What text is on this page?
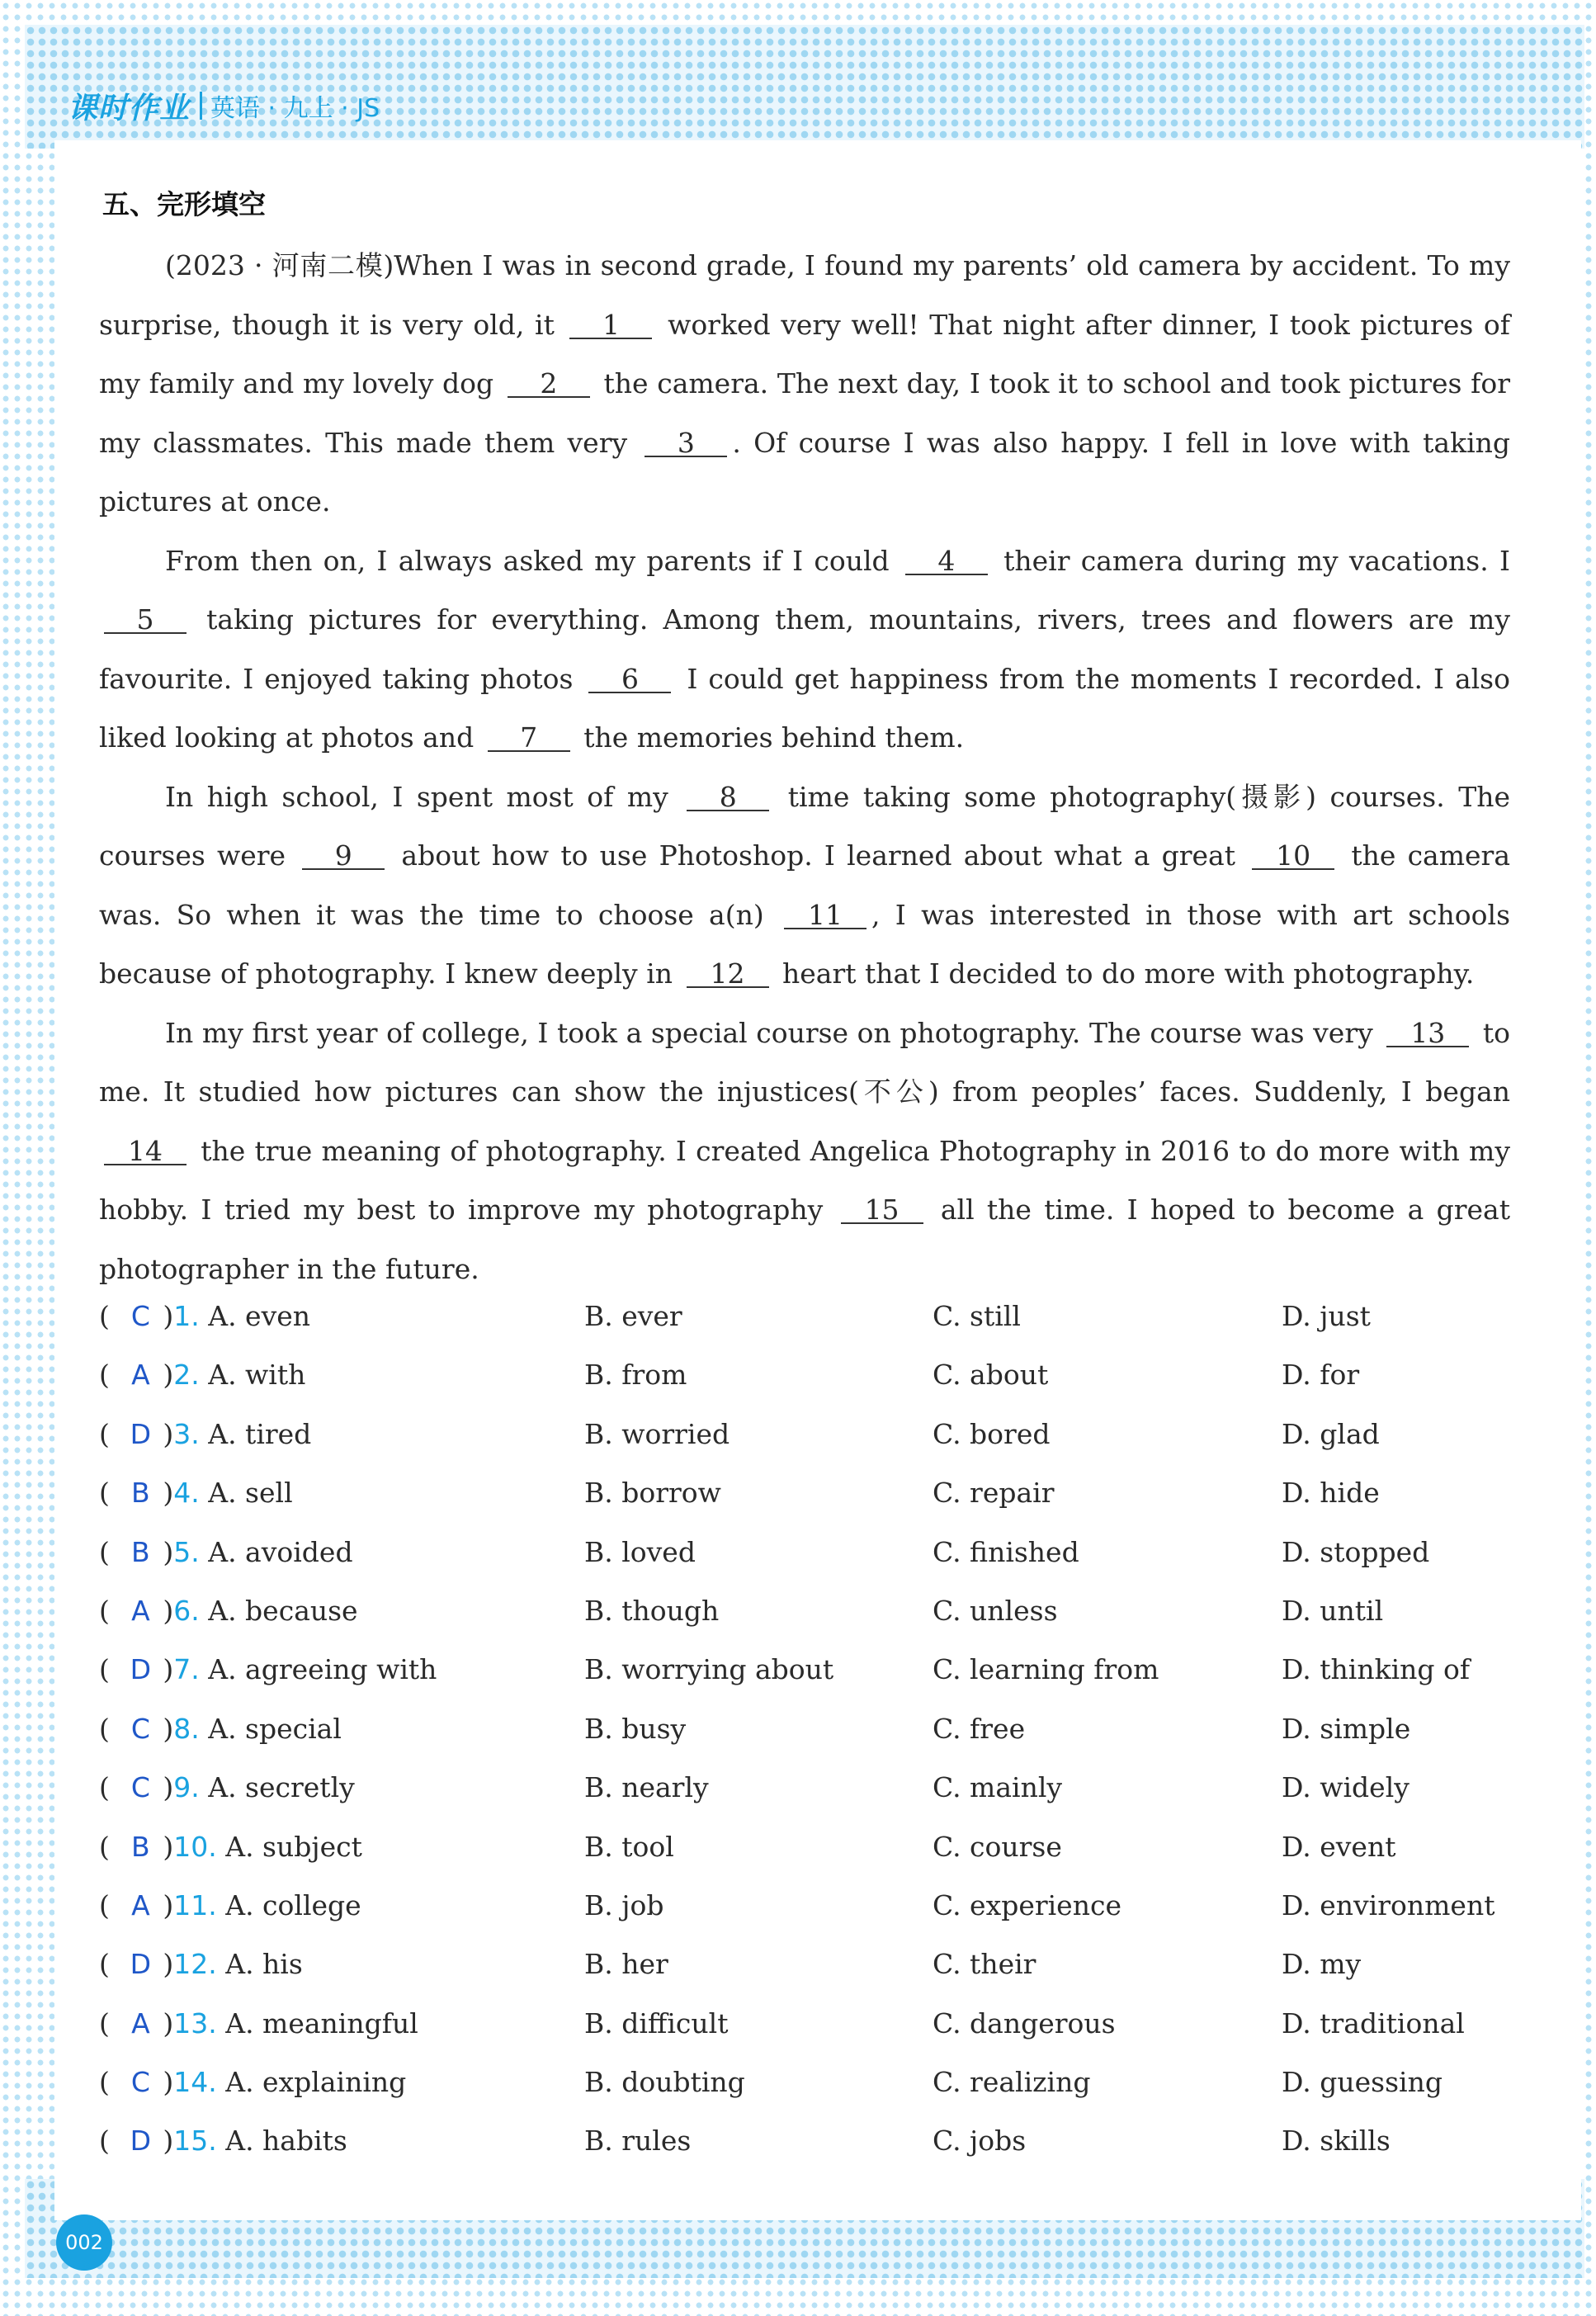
课时作业 英语 · 九上 · JS
五、完形填空

(2023 · 河南二模)When I was in second grade, I found my parents’ old camera by accident. To my surprise, though it is very old, it 1 worked very well! That night after dinner, I took pictures of my family and my lovely dog 2 the camera. The next day, I took it to school and took pictures for my classmates. This made them very 3 . Of course I was also happy. I fell in love with taking pictures at once.

From then on, I always asked my parents if I could 4 their camera during my vacations. I 5 taking pictures for everything. Among them, mountains, rivers, trees and flowers are my favourite. I enjoyed taking photos 6 I could get happiness from the moments I recorded. I also liked looking at photos and 7 the memories behind them.

In high school, I spent most of my 8 time taking some photography(摄影) courses. The courses were 9 about how to use Photoshop. I learned about what a great 10 the camera was. So when it was the time to choose a(n) 11 , I was interested in those with art schools because of photography. I knew deeply in 12 heart that I decided to do more with photography.

In my first year of college, I took a special course on photography. The course was very 13 to me. It studied how pictures can show the injustices(不公) from peoples’ faces. Suddenly, I began 14 the true meaning of photography. I created Angelica Photography in 2016 to do more with my hobby. I tried my best to improve my photography 15 all the time. I hoped to become a great photographer in the future.

( C )1. A. even	B. ever	C. still	D. just
( A )2. A. with	B. from	C. about	D. for
( D )3. A. tired	B. worried	C. bored	D. glad
( B )4. A. sell	B. borrow	C. repair	D. hide
( B )5. A. avoided	B. loved	C. finished	D. stopped
( A )6. A. because	B. though	C. unless	D. until
( D )7. A. agreeing with	B. worrying about	C. learning from	D. thinking of
( C )8. A. special	B. busy	C. free	D. simple
( C )9. A. secretly	B. nearly	C. mainly	D. widely
( B )10. A. subject	B. tool	C. course	D. event
( A )11. A. college	B. job	C. experience	D. environment
( D )12. A. his	B. her	C. their	D. my
( A )13. A. meaningful	B. difficult	C. dangerous	D. traditional
( C )14. A. explaining	B. doubting	C. realizing	D. guessing
( D )15. A. habits	B. rules	C. jobs	D. skills
002
